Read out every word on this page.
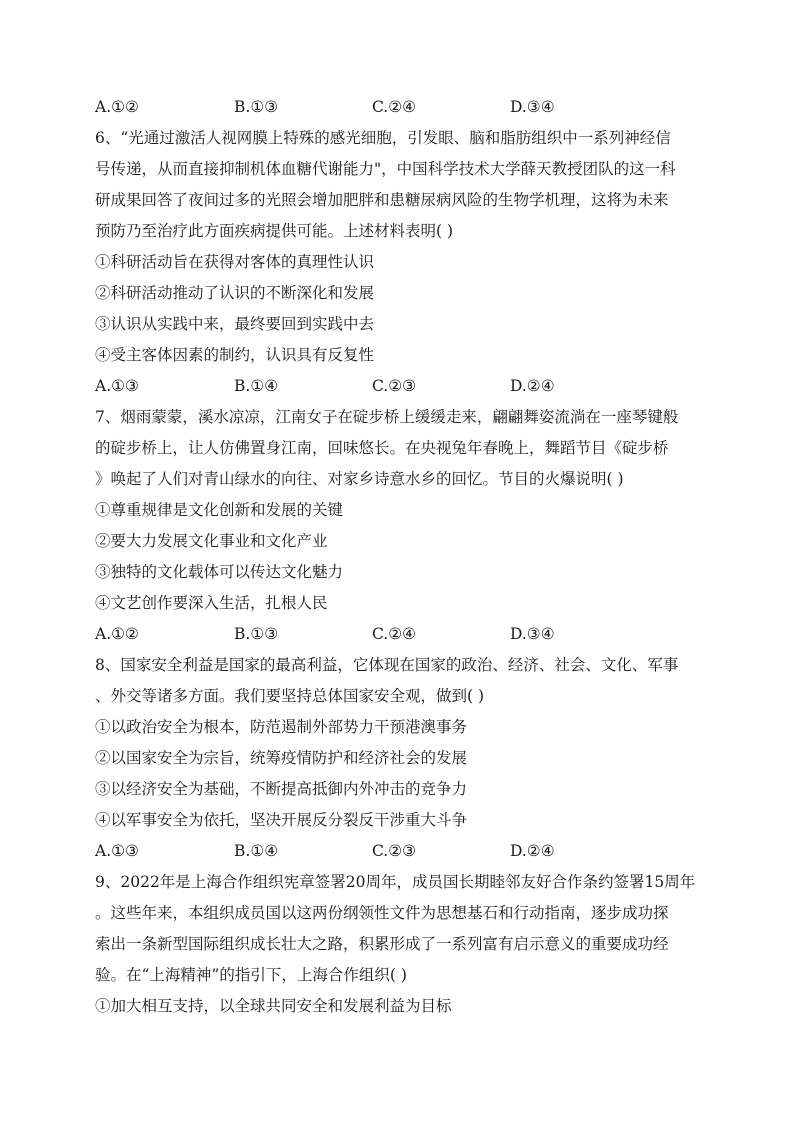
A.①②	B.①③	C.②④	D.③④
6、“光通过激活人视网膜上特殊的感光细胞，引发眼、脑和脂肪组织中一系列神经信
号传递，从而直接抑制机体血糖代谢能力"，中国科学技术大学薛天教授团队的这一科
研成果回答了夜间过多的光照会增加肥胖和患糖尿病风险的生物学机理，这将为未来
预防乃至治疗此方面疾病提供可能。上述材料表明( )
①科研活动旨在获得对客体的真理性认识
②科研活动推动了认识的不断深化和发展
③认识从实践中来，最终要回到实践中去
④受主客体因素的制约，认识具有反复性
A.①③	B.①④	C.②③	D.②④
7、烟雨蒙蒙，溪水凉凉，江南女子在碇步桥上缓缓走来，翩翩舞姿流淌在一座琴键般
的碇步桥上，让人仿佛置身江南，回味悠长。在央视兔年春晚上，舞蹈节目《碇步桥
》唤起了人们对青山绿水的向往、对家乡诗意水乡的回忆。节目的火爆说明( )
①尊重规律是文化创新和发展的关键
②要大力发展文化事业和文化产业
③独特的文化载体可以传达文化魅力
④文艺创作要深入生活，扎根人民
A.①②	B.①③	C.②④	D.③④
8、国家安全利益是国家的最高利益，它体现在国家的政治、经济、社会、文化、军事
、外交等诸多方面。我们要坚持总体国家安全观，做到( )
①以政治安全为根本，防范遏制外部势力干预港澳事务
②以国家安全为宗旨，统筹疫情防护和经济社会的发展
③以经济安全为基础，不断提高抵御内外冲击的竞争力
④以军事安全为依托，坚决开展反分裂反干涉重大斗争
A.①③	B.①④	C.②③	D.②④
9、2022年是上海合作组织宪章签署20周年，成员国长期睦邻友好合作条约签署15周年
。这些年来，本组织成员国以这两份纲领性文件为思想基石和行动指南，逐步成功探
索出一条新型国际组织成长壮大之路，积累形成了一系列富有启示意义的重要成功经
验。在“上海精神”的指引下，上海合作组织( )
①加大相互支持，以全球共同安全和发展利益为目标
